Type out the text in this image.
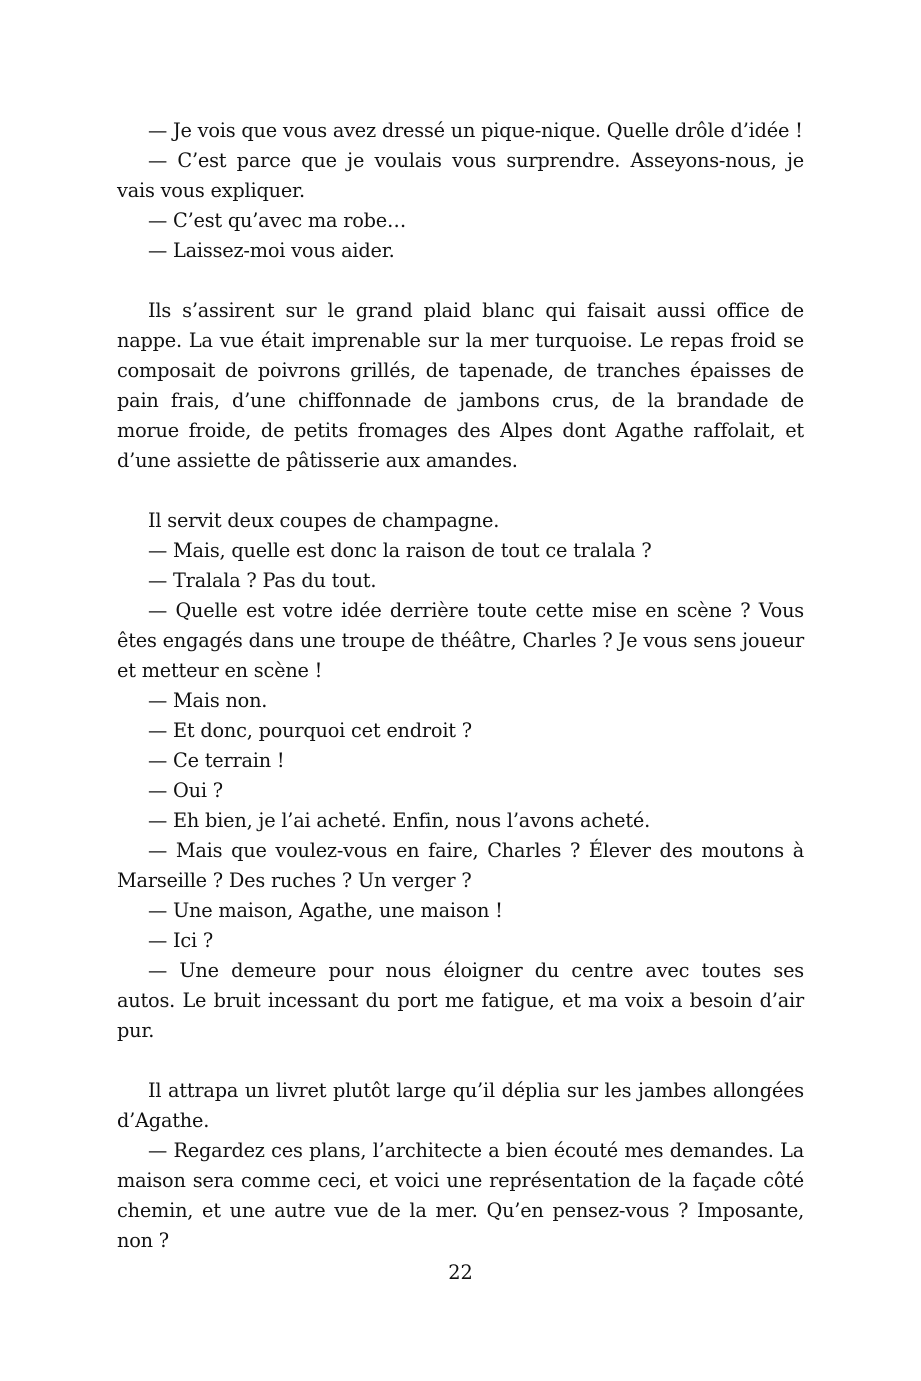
— Je vois que vous avez dressé un pique-nique. Quelle drôle d’idée !

— C’est parce que je voulais vous surprendre. Asseyons-nous, je vais vous expliquer.

— C’est qu’avec ma robe…

— Laissez-moi vous aider.

Ils s’assirent sur le grand plaid blanc qui faisait aussi office de nappe. La vue était imprenable sur la mer turquoise. Le repas froid se composait de poivrons grillés, de tapenade, de tranches épaisses de pain frais, d’une chiffonnade de jambons crus, de la brandade de morue froide, de petits fromages des Alpes dont Agathe raffolait, et d’une assiette de pâtisserie aux amandes.

Il servit deux coupes de champagne.

— Mais, quelle est donc la raison de tout ce tralala ?

— Tralala ? Pas du tout.

— Quelle est votre idée derrière toute cette mise en scène ? Vous êtes engagés dans une troupe de théâtre, Charles ? Je vous sens joueur et metteur en scène !

— Mais non.

— Et donc, pourquoi cet endroit ?

— Ce terrain !

— Oui ?

— Eh bien, je l’ai acheté. Enfin, nous l’avons acheté.

— Mais que voulez-vous en faire, Charles ? Élever des moutons à Marseille ? Des ruches ? Un verger ?

— Une maison, Agathe, une maison !

— Ici ?

— Une demeure pour nous éloigner du centre avec toutes ses autos. Le bruit incessant du port me fatigue, et ma voix a besoin d’air pur.

Il attrapa un livret plutôt large qu’il déplia sur les jambes allongées d’Agathe.

— Regardez ces plans, l’architecte a bien écouté mes demandes. La maison sera comme ceci, et voici une représentation de la façade côté chemin, et une autre vue de la mer. Qu’en pensez-vous ? Imposante, non ?

22
